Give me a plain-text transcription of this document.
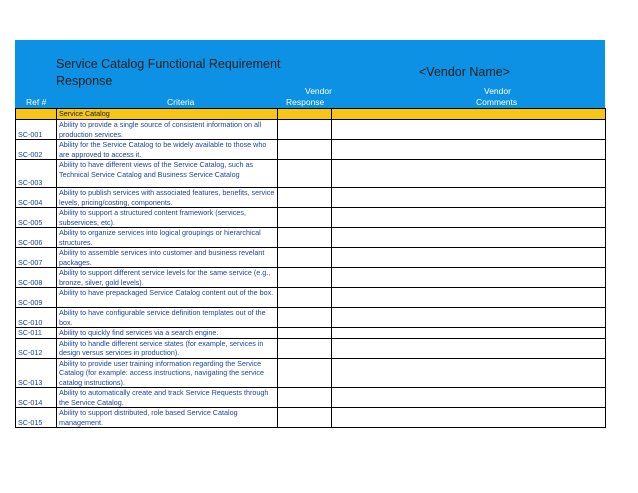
Service Catalog Functional Requirement Response
<Vendor Name>
Ref #	Criteria
Vendor
Response
Vendor
Comments
	Service Catalog		
SC-001	Ability to provide a single source of consistent information on all production services.		
SC-002	Ability for the Service Catalog to be widely available to those who are approved to access it.		
SC-003	Ability to have different views of the Service Catalog, such as Technical Service Catalog and Business Service Catalog		
SC-004	Ability to publish services with associated features, benefits, service levels, pricing/costing, components.		
SC-005	Ability to support a structured content framework (services, subservices, etc).		
SC-006	Ability to organize services into logical groupings or hierarchical structures.		
SC-007	Ability to assemble services into customer and business revelant packages.		
SC-008	Ability to support different service levels for the same service (e.g., bronze, silver, gold levels).		
SC-009	Ability to have prepackaged Service Catalog content out of the box.		
SC-010	Ability to have configurable service definition templates out of the box.		
SC-011	Ability to quickly find services via a search engine.		
SC-012	Ability to handle different service states (for example, services in design versus services in production).		
SC-013	Ability to provide user training information regarding the Service Catalog (for example: access instructions, navigating the service catalog instructions).		
SC-014	Ability to automatically create and track Service Requests through the Service Catalog.		
SC-015	Ability to support distributed, role based Service Catalog management.		
